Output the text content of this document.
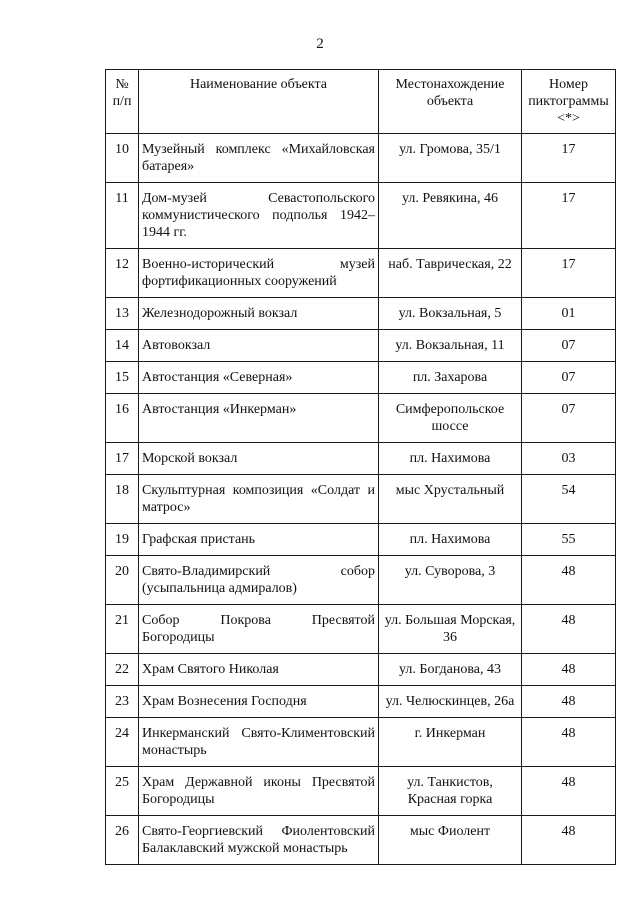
2
№ п/п	Наименование объекта	Местонахождение объекта	Номер пиктограммы <*>
10	Музейный комплекс «Михайловская батарея»	ул. Громова, 35/1	17
11	Дом-музей Севастопольского коммунистического подполья 1942–1944 гг.	ул. Ревякина, 46	17
12	Военно-исторический музей фортификационных сооружений	наб. Таврическая, 22	17
13	Железнодорожный вокзал	ул. Вокзальная, 5	01
14	Автовокзал	ул. Вокзальная, 11	07
15	Автостанция «Северная»	пл. Захарова	07
16	Автостанция «Инкерман»	Симферопольское шоссе	07
17	Морской вокзал	пл. Нахимова	03
18	Скульптурная композиция «Солдат и матрос»	мыс Хрустальный	54
19	Графская пристань	пл. Нахимова	55
20	Свято-Владимирский собор (усыпальница адмиралов)	ул. Суворова, 3	48
21	Собор Покрова Пресвятой Богородицы	ул. Большая Морская, 36	48
22	Храм Святого Николая	ул. Богданова, 43	48
23	Храм Вознесения Господня	ул. Челюскинцев, 26а	48
24	Инкерманский Свято-Климентовский монастырь	г. Инкерман	48
25	Храм Державной иконы Пресвятой Богородицы	ул. Танкистов, Красная горка	48
26	Свято-Георгиевский Фиолентовский Балаклавский мужской монастырь	мыс Фиолент	48
